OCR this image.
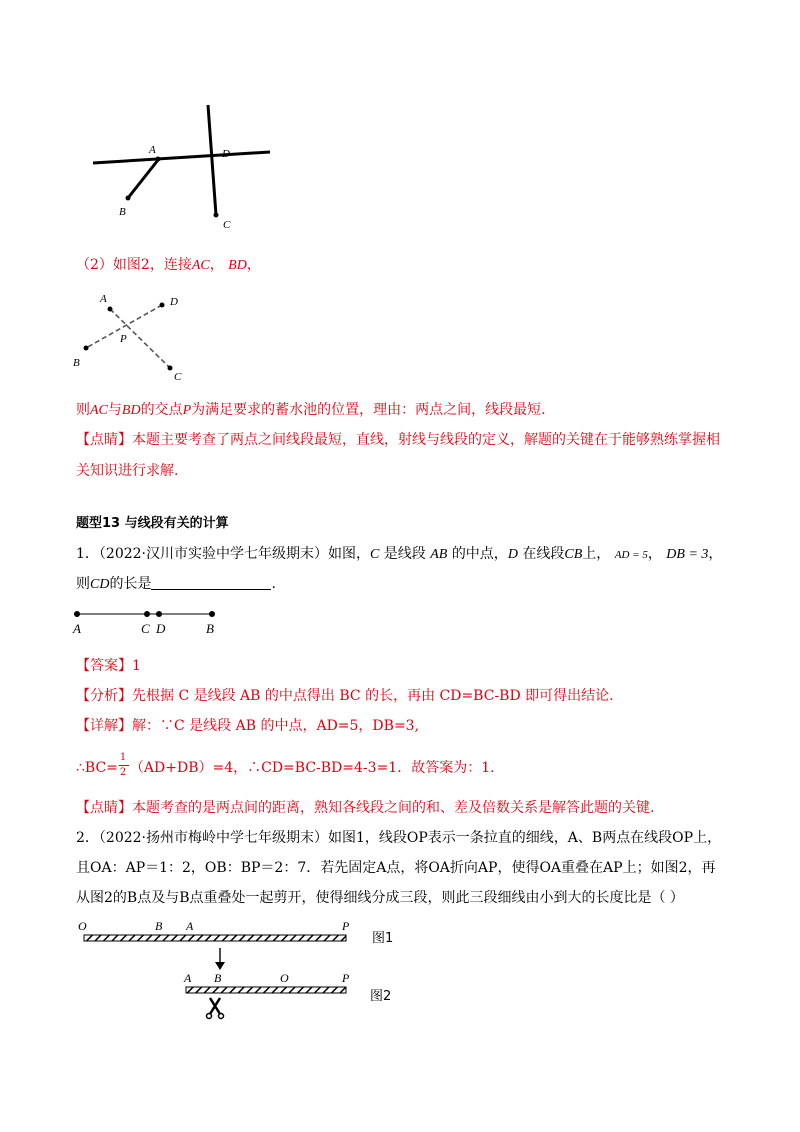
A
B
C
D
（2）如图2，连接AC， BD，
A	D
B
C
P
则AC与BD的交点P为满足要求的蓄水池的位置，理由：两点之间，线段最短.
【点睛】本题主要考查了两点之间线段最短，直线，射线与线段的定义，解题的关键在于能够熟练掌握相
关知识进行求解.
题型13 与线段有关的计算
1．（2022·汉川市实验中学七年级期末）如图，C 是线段 AB 的中点，D 在线段CB上， AD = 5， DB = 3，
则CD的长是	.
A	C D	B
【答案】1
【分析】先根据 C 是线段 AB 的中点得出 BC 的长，再由 CD=BC-BD 即可得出结论.
【详解】解：∵C 是线段 AB 的中点，AD=5，DB=3,
∴BC= $\frac{1}{2} (AD+DB)=4$，∴CD=BC-BD=4-3=1．故答案为：1.
【点睛】本题考查的是两点间的距离，熟知各线段之间的和、差及倍数关系是解答此题的关键.
2．（2022·扬州市梅岭中学七年级期末）如图1，线段OP表示一条拉直的细线，A、B两点在线段OP上，
且OA：AP＝1：2，OB：BP＝2：7．若先固定A点，将OA折向AP，使得OA重叠在AP上；如图2，再
从图2的B点及与B点重叠处一起剪开，使得细线分成三段，则此三段细线由小到大的长度比是（ ）
O	B A	P
图1
A B	O	P
图2
